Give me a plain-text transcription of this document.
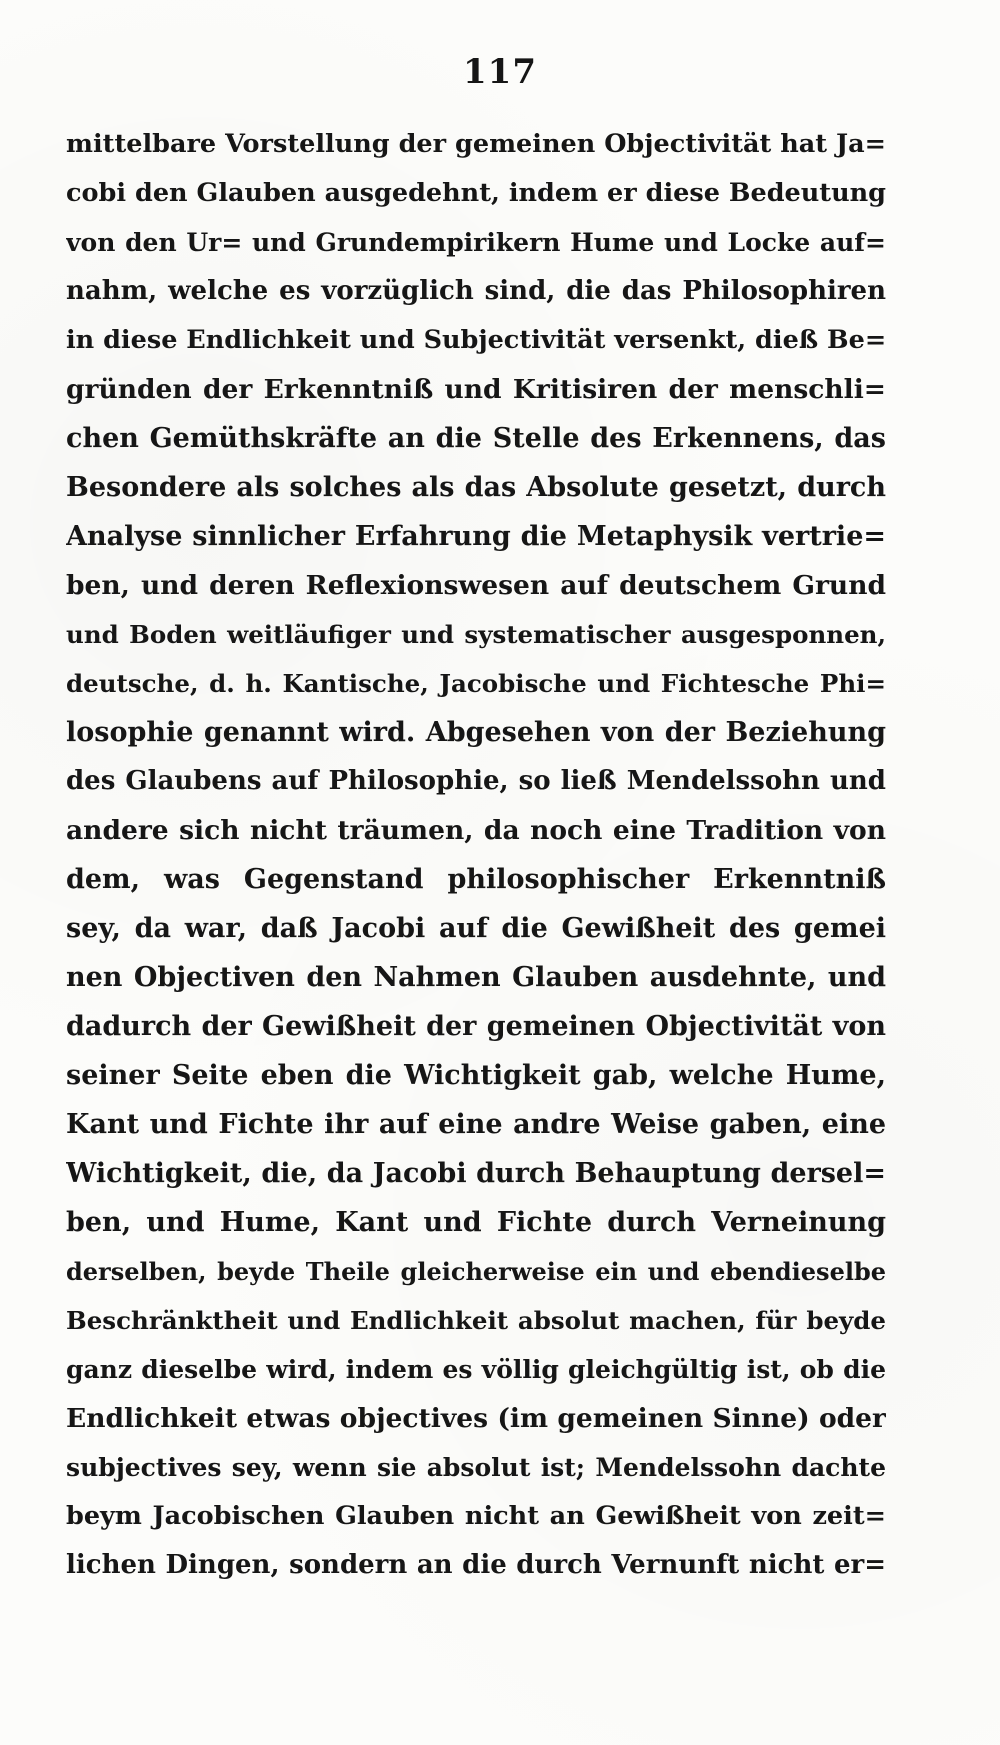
117
mittelbare Vorstellung der gemeinen Objectivität hat Ja=
cobi den Glauben ausgedehnt, indem er diese Bedeutung
von den Ur= und Grundempirikern Hume und Locke auf=
nahm, welche es vorzüglich sind, die das Philosophiren
in diese Endlichkeit und Subjectivität versenkt, dieß Be=
gründen der Erkenntniß und Kritisiren der menschli=
chen Gemüthskräfte an die Stelle des Erkennens, das
Besondere als solches als das Absolute gesetzt, durch
Analyse sinnlicher Erfahrung die Metaphysik vertrie=
ben, und deren Reflexionswesen auf deutschem Grund
und Boden weitläufiger und systematischer ausgesponnen,
deutsche, d. h. Kantische, Jacobische und Fichtesche Phi=
losophie genannt wird. Abgesehen von der Beziehung
des Glaubens auf Philosophie, so ließ Mendelssohn und
andere sich nicht träumen, da noch eine Tradition von
dem, was Gegenstand philosophischer Erkenntniß
sey, da war, daß Jacobi auf die Gewißheit des gemei
nen Objectiven den Nahmen Glauben ausdehnte, und
dadurch der Gewißheit der gemeinen Objectivität von
seiner Seite eben die Wichtigkeit gab, welche Hume,
Kant und Fichte ihr auf eine andre Weise gaben, eine
Wichtigkeit, die, da Jacobi durch Behauptung dersel=
ben, und Hume, Kant und Fichte durch Verneinung
derselben, beyde Theile gleicherweise ein und ebendieselbe
Beschränktheit und Endlichkeit absolut machen, für beyde
ganz dieselbe wird, indem es völlig gleichgültig ist, ob die
Endlichkeit etwas objectives (im gemeinen Sinne) oder
subjectives sey, wenn sie absolut ist; Mendelssohn dachte
beym Jacobischen Glauben nicht an Gewißheit von zeit=
lichen Dingen, sondern an die durch Vernunft nicht er=
